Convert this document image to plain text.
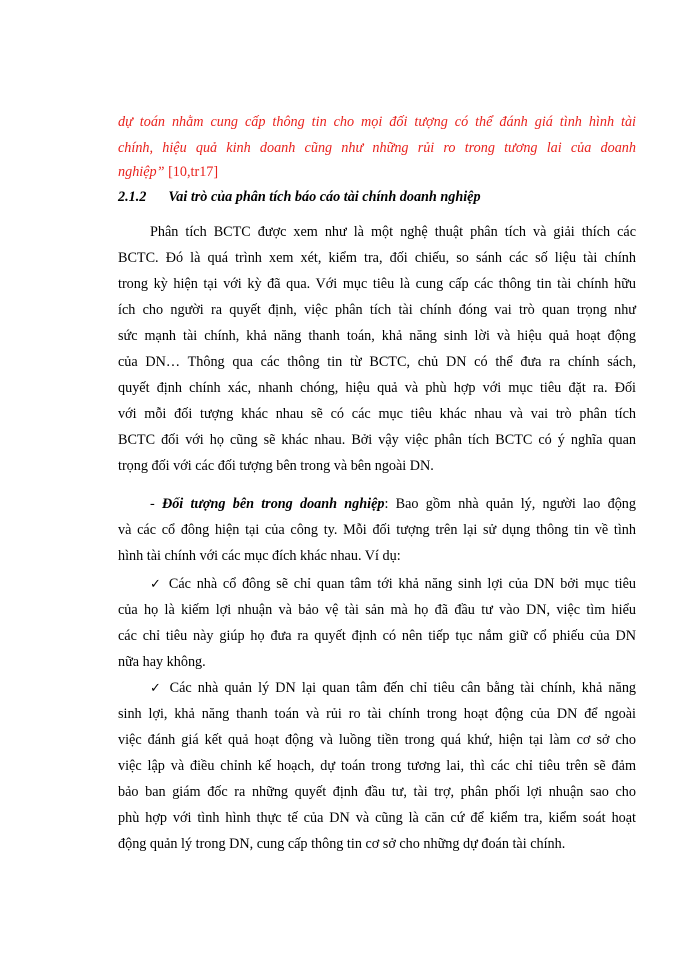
dự toán nhằm cung cấp thông tin cho mọi đối tượng có thể đánh giá tình hình tài
chính, hiệu quả kinh doanh cũng như những rủi ro trong tương lai của doanh
nghiệp” [10,tr17]
2.1.2 Vai trò của phân tích báo cáo tài chính doanh nghiệp
Phân tích BCTC được xem như là một nghệ thuật phân tích và giải thích các
BCTC. Đó là quá trình xem xét, kiểm tra, đối chiếu, so sánh các số liệu tài chính
trong kỳ hiện tại với kỳ đã qua. Với mục tiêu là cung cấp các thông tin tài chính hữu
ích cho người ra quyết định, việc phân tích tài chính đóng vai trò quan trọng như
sức mạnh tài chính, khả năng thanh toán, khả năng sinh lời và hiệu quả hoạt động
của DN… Thông qua các thông tin từ BCTC, chủ DN có thể đưa ra chính sách,
quyết định chính xác, nhanh chóng, hiệu quả và phù hợp với mục tiêu đặt ra. Đối
với mỗi đối tượng khác nhau sẽ có các mục tiêu khác nhau và vai trò phân tích
BCTC đối với họ cũng sẽ khác nhau. Bởi vậy việc phân tích BCTC có ý nghĩa quan
trọng đối với các đối tượng bên trong và bên ngoài DN.
- Đối tượng bên trong doanh nghiệp: Bao gồm nhà quản lý, người lao động
và các cổ đông hiện tại của công ty. Mỗi đối tượng trên lại sử dụng thông tin về tình
hình tài chính với các mục đích khác nhau. Ví dụ:
✓ Các nhà cổ đông sẽ chỉ quan tâm tới khả năng sinh lợi của DN bởi mục tiêu
của họ là kiếm lợi nhuận và bảo vệ tài sản mà họ đã đầu tư vào DN, việc tìm hiểu
các chỉ tiêu này giúp họ đưa ra quyết định có nên tiếp tục nắm giữ cổ phiếu của DN
nữa hay không.
✓ Các nhà quản lý DN lại quan tâm đến chỉ tiêu cân bằng tài chính, khả năng
sinh lợi, khả năng thanh toán và rủi ro tài chính trong hoạt động của DN để ngoài
việc đánh giá kết quả hoạt động và luồng tiền trong quá khứ, hiện tại làm cơ sở cho
việc lập và điều chỉnh kế hoạch, dự toán trong tương lai, thì các chỉ tiêu trên sẽ đảm
bảo ban giám đốc ra những quyết định đầu tư, tài trợ, phân phối lợi nhuận sao cho
phù hợp với tình hình thực tế của DN và cũng là căn cứ để kiểm tra, kiểm soát hoạt
động quản lý trong DN, cung cấp thông tin cơ sở cho những dự đoán tài chính.
